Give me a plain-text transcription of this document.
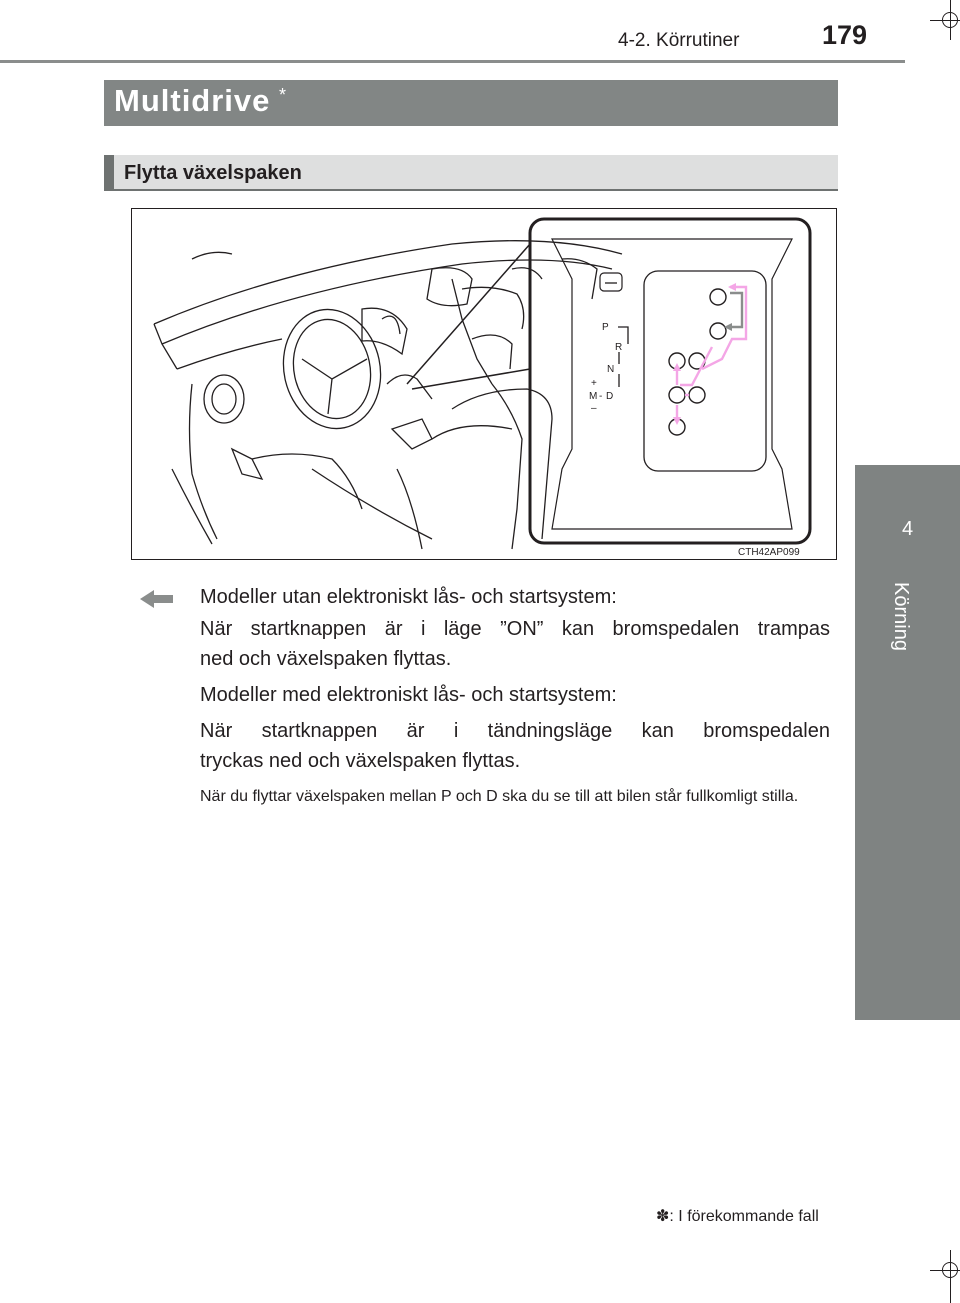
4-2. Körrutiner	179
4
Körning
Multidrive *
Flytta växelspaken
P
R
N
+
M - D
–
CTH42AP099
Modeller utan elektroniskt lås- och startsystem:
När startknappen är i läge ”ON” kan bromspedalen trampas
ned och växelspaken flyttas.
Modeller med elektroniskt lås- och startsystem:
När startknappen är i tändningsläge kan bromspedalen
tryckas ned och växelspaken flyttas.
När du flyttar växelspaken mellan P och D ska du se till att bilen står fullkomligt stilla.
✽: I förekommande fall
